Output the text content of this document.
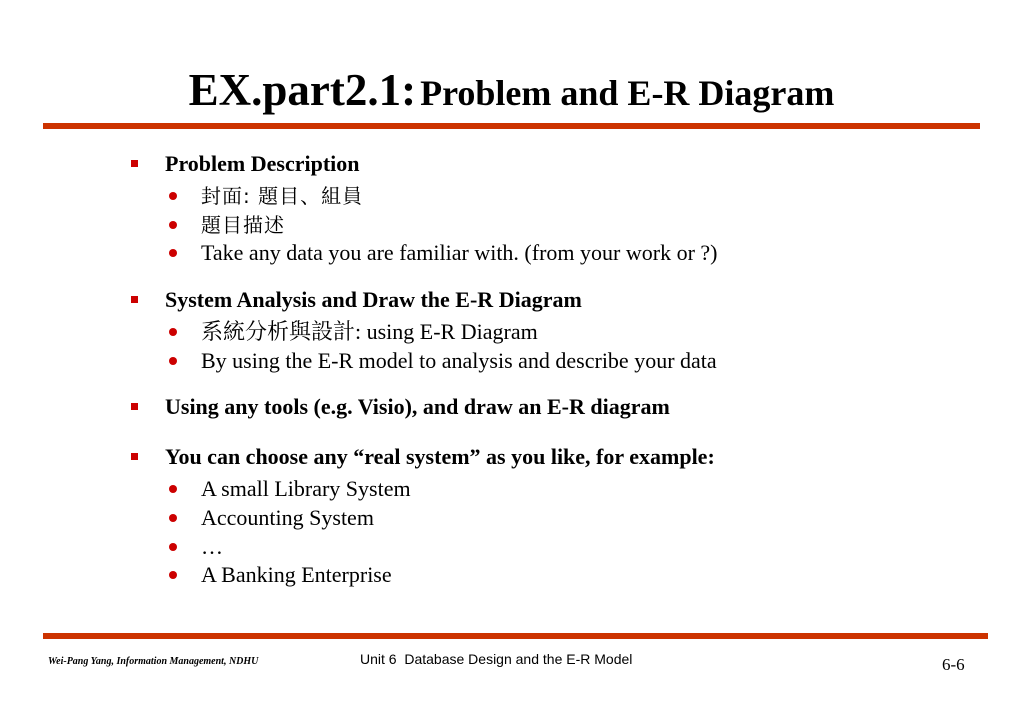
EX.part2.1: Problem and E-R Diagram
Problem Description
封面: 題目、組員
題目描述
Take any data you are familiar with. (from your work or ?)
System Analysis and Draw the E-R Diagram
系統分析與設計: using E-R Diagram
By using the E-R model to analysis and describe your data
Using any tools (e.g. Visio), and draw an E-R diagram
You can choose any “real system” as you like, for example:
A small Library System
Accounting System
…
A Banking Enterprise
Wei-Pang Yang, Information Management, NDHU	Unit 6  Database Design and the E-R Model	6-6
